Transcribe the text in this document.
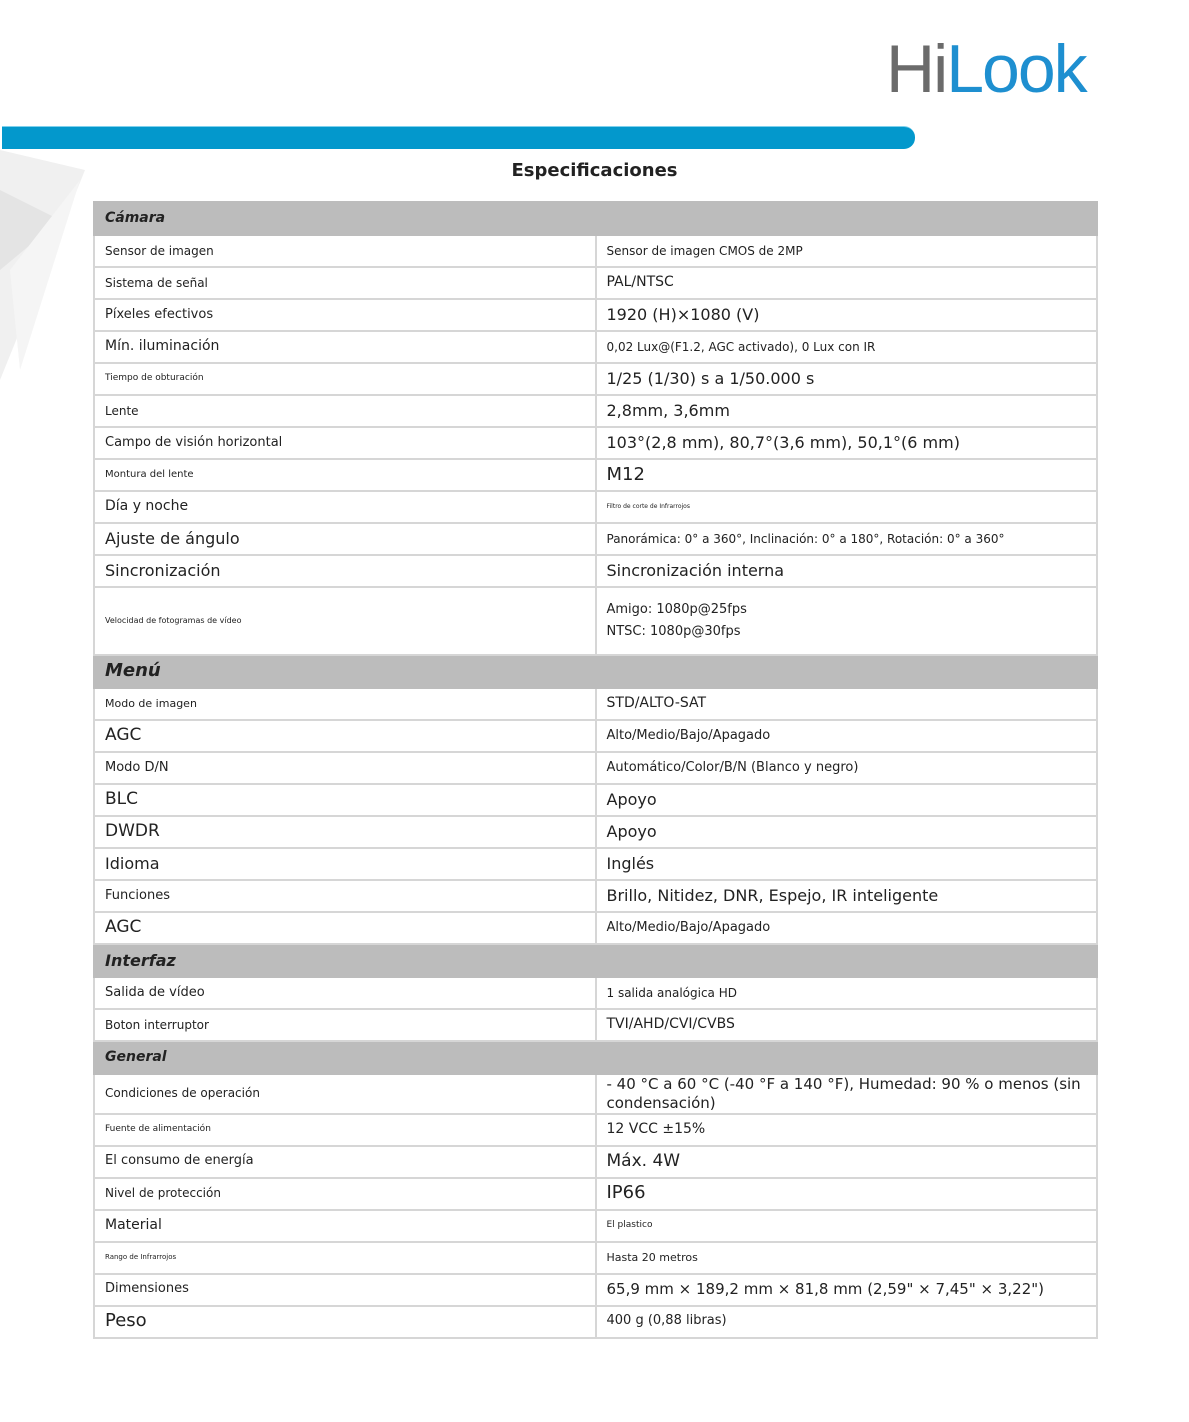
HiLook
Especificaciones
Cámara	
Sensor de imagen	Sensor de imagen CMOS de 2MP
Sistema de señal	PAL/NTSC
Píxeles efectivos	1920 (H)×1080 (V)
Mín. iluminación	0,02 Lux@(F1.2, AGC activado), 0 Lux con IR
Tiempo de obturación	1/25 (1/30) s a 1/50.000 s
Lente	2,8mm, 3,6mm
Campo de visión horizontal	103°(2,8 mm), 80,7°(3,6 mm), 50,1°(6 mm)
Montura del lente	M12
Día y noche	Filtro de corte de Infrarrojos
Ajuste de ángulo	Panorámica: 0° a 360°, Inclinación: 0° a 180°, Rotación: 0° a 360°
Sincronización	Sincronización interna
Velocidad de fotogramas de vídeo	Amigo: 1080p@25fps
NTSC: 1080p@30fps

Menú	
Modo de imagen	STD/ALTO-SAT
AGC	Alto/Medio/Bajo/Apagado
Modo D/N	Automático/Color/B/N (Blanco y negro)
BLC	Apoyo
DWDR	Apoyo
Idioma	Inglés
Funciones	Brillo, Nitidez, DNR, Espejo, IR inteligente
AGC	Alto/Medio/Bajo/Apagado
Interfaz	
Salida de vídeo	1 salida analógica HD
Boton interruptor	TVI/AHD/CVI/CVBS
General	
Condiciones de operación	- 40 °C a 60 °C (-40 °F a 140 °F), Humedad: 90 % o menos (sin condensación)
Fuente de alimentación	12 VCC ±15%
El consumo de energía	Máx. 4W
Nivel de protección	IP66
Material	El plastico
Rango de Infrarrojos	Hasta 20 metros
Dimensiones	65,9 mm × 189,2 mm × 81,8 mm (2,59" × 7,45" × 3,22")
Peso	400 g (0,88 libras)
